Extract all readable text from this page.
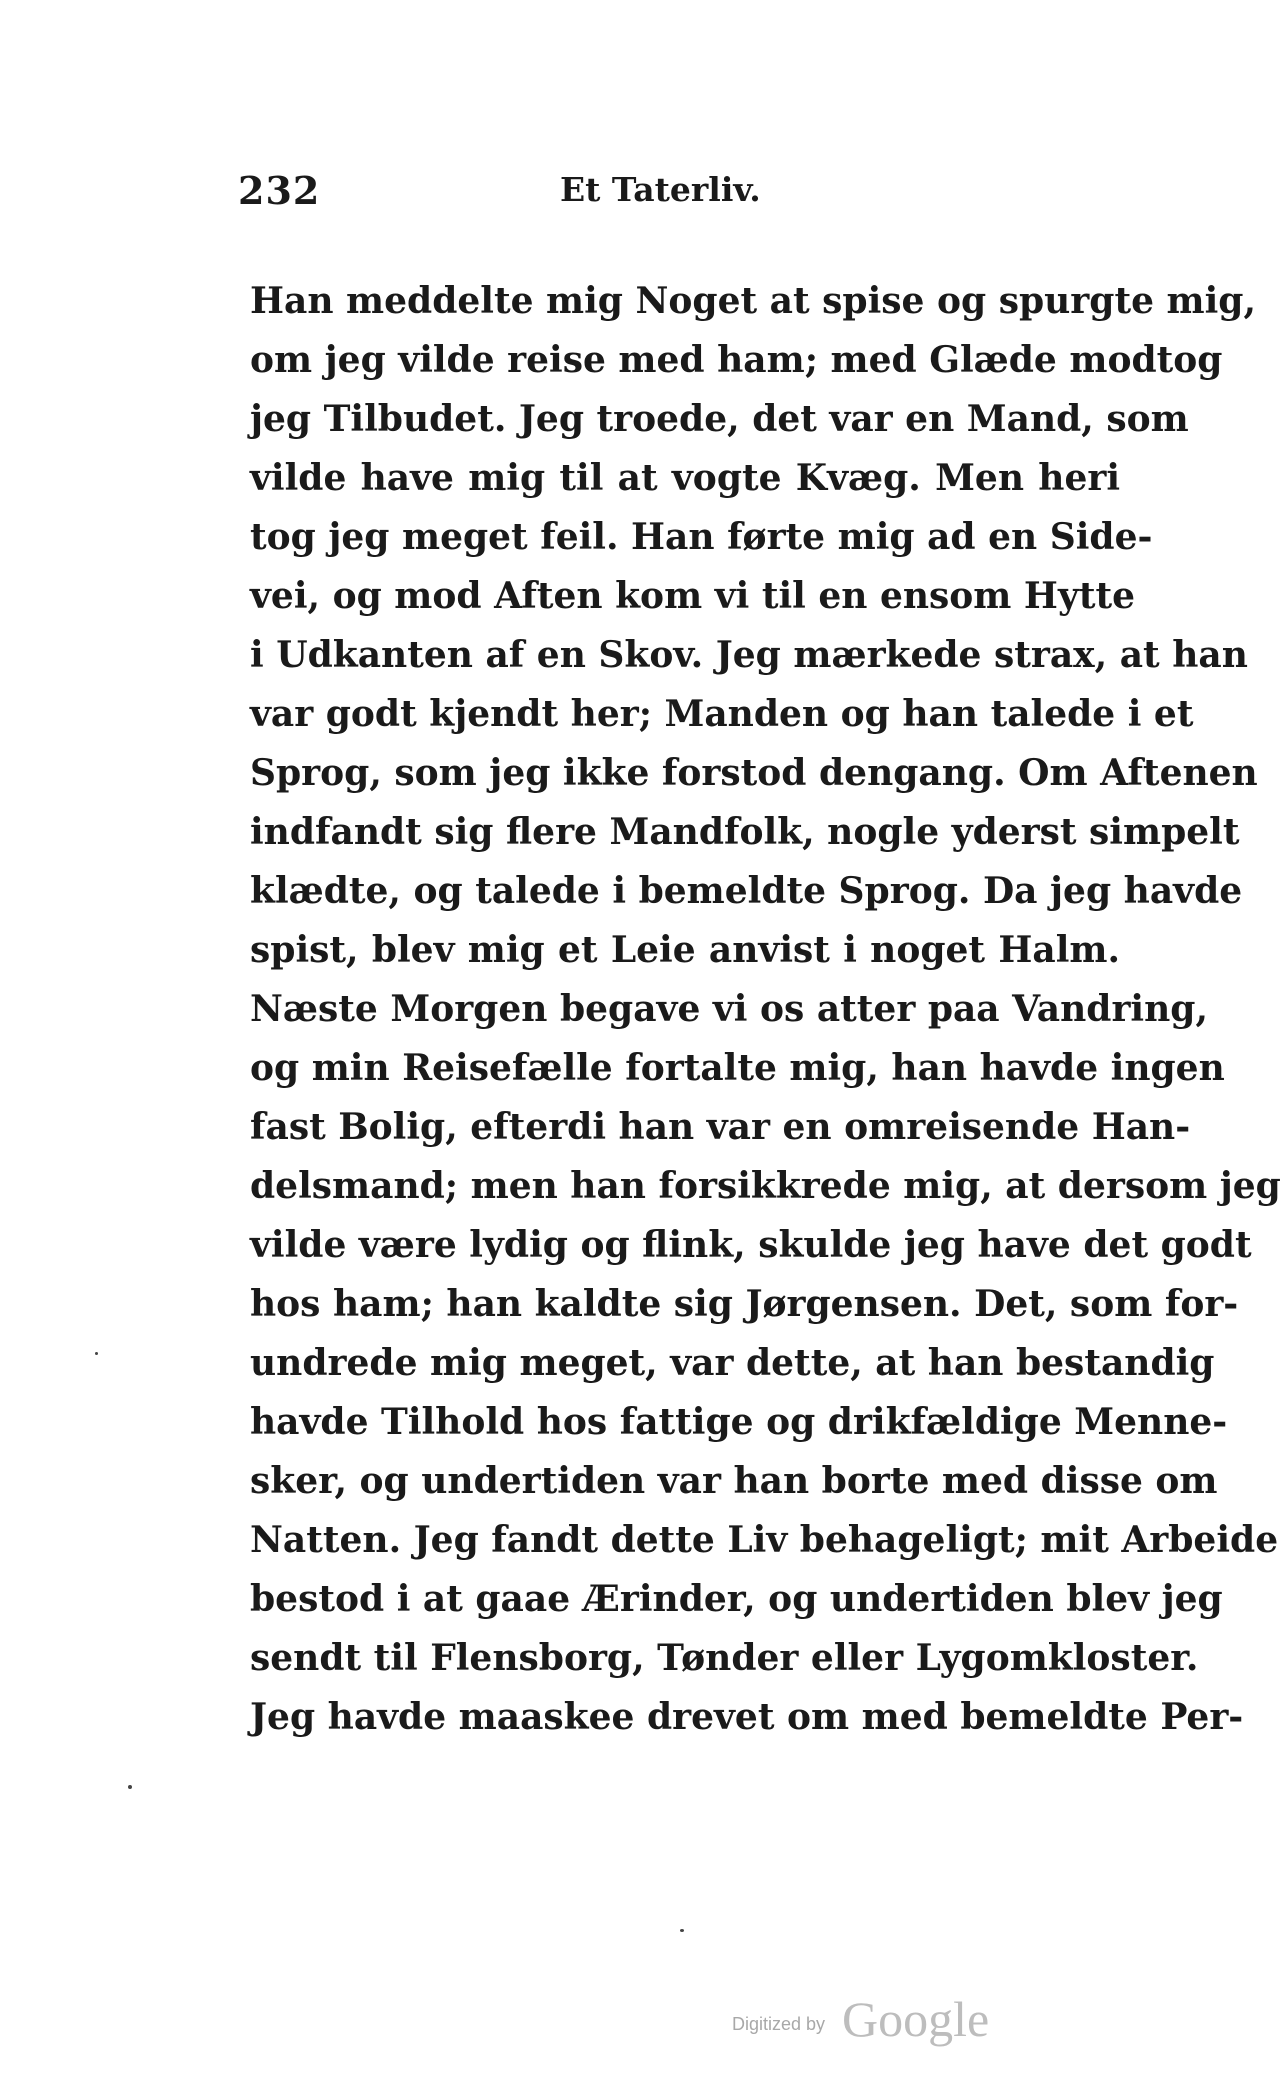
232	Et Taterliv.
Han meddelte mig Noget at spise og spurgte mig,
om jeg vilde reise med ham; med Glæde modtog
jeg Tilbudet. Jeg troede, det var en Mand, som
vilde have mig til at vogte Kvæg. Men heri
tog jeg meget feil. Han førte mig ad en Side-
vei, og mod Aften kom vi til en ensom Hytte
i Udkanten af en Skov. Jeg mærkede strax, at han
var godt kjendt her; Manden og han talede i et
Sprog, som jeg ikke forstod dengang. Om Aftenen
indfandt sig flere Mandfolk, nogle yderst simpelt
klædte, og talede i bemeldte Sprog. Da jeg havde
spist, blev mig et Leie anvist i noget Halm.
Næste Morgen begave vi os atter paa Vandring,
og min Reisefælle fortalte mig, han havde ingen
fast Bolig, efterdi han var en omreisende Han-
delsmand; men han forsikkrede mig, at dersom jeg
vilde være lydig og flink, skulde jeg have det godt
hos ham; han kaldte sig Jørgensen. Det, som for-
undrede mig meget, var dette, at han bestandig
havde Tilhold hos fattige og drikfældige Menne-
sker, og undertiden var han borte med disse om
Natten. Jeg fandt dette Liv behageligt; mit Arbeide
bestod i at gaae Ærinder, og undertiden blev jeg
sendt til Flensborg, Tønder eller Lygomkloster.
Jeg havde maaskee drevet om med bemeldte Per-
Digitized by Google
